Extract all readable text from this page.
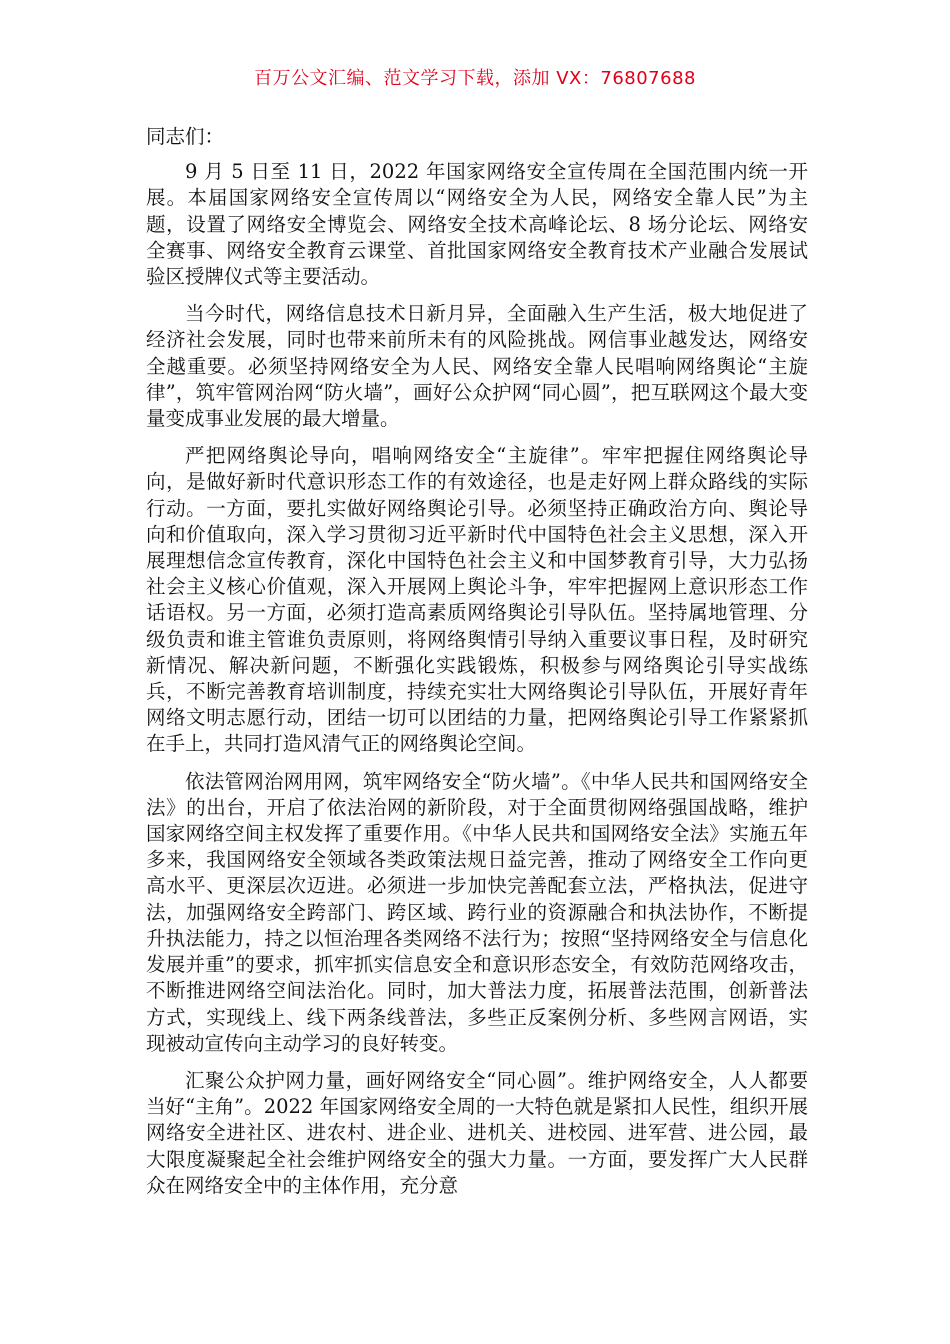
百万公文汇编、范文学习下载，添加 VX：76807688

同志们：

9 月 5 日至 11 日，2022 年国家网络安全宣传周在全国范围内统一开展。本届国家网络安全宣传周以“网络安全为人民，网络安全靠人民”为主题，设置了网络安全博览会、网络安全技术高峰论坛、8 场分论坛、网络安全赛事、网络安全教育云课堂、首批国家网络安全教育技术产业融合发展试验区授牌仪式等主要活动。

当今时代，网络信息技术日新月异，全面融入生产生活，极大地促进了经济社会发展，同时也带来前所未有的风险挑战。网信事业越发达，网络安全越重要。必须坚持网络安全为人民、网络安全靠人民唱响网络舆论“主旋律”，筑牢管网治网“防火墙”，画好公众护网“同心圆”，把互联网这个最大变量变成事业发展的最大增量。

严把网络舆论导向，唱响网络安全“主旋律”。牢牢把握住网络舆论导向，是做好新时代意识形态工作的有效途径，也是走好网上群众路线的实际行动。一方面，要扎实做好网络舆论引导。必须坚持正确政治方向、舆论导向和价值取向，深入学习贯彻习近平新时代中国特色社会主义思想，深入开展理想信念宣传教育，深化中国特色社会主义和中国梦教育引导，大力弘扬社会主义核心价值观，深入开展网上舆论斗争，牢牢把握网上意识形态工作话语权。另一方面，必须打造高素质网络舆论引导队伍。坚持属地管理、分级负责和谁主管谁负责原则，将网络舆情引导纳入重要议事日程，及时研究新情况、解决新问题，不断强化实践锻炼，积极参与网络舆论引导实战练兵，不断完善教育培训制度，持续充实壮大网络舆论引导队伍，开展好青年网络文明志愿行动，团结一切可以团结的力量，把网络舆论引导工作紧紧抓在手上，共同打造风清气正的网络舆论空间。

依法管网治网用网，筑牢网络安全“防火墙”。《中华人民共和国网络安全法》的出台，开启了依法治网的新阶段，对于全面贯彻网络强国战略，维护国家网络空间主权发挥了重要作用。《中华人民共和国网络安全法》实施五年多来，我国网络安全领域各类政策法规日益完善，推动了网络安全工作向更高水平、更深层次迈进。必须进一步加快完善配套立法，严格执法，促进守法，加强网络安全跨部门、跨区域、跨行业的资源融合和执法协作，不断提升执法能力，持之以恒治理各类网络不法行为；按照“坚持网络安全与信息化发展并重”的要求，抓牢抓实信息安全和意识形态安全，有效防范网络攻击，不断推进网络空间法治化。同时，加大普法力度，拓展普法范围，创新普法方式，实现线上、线下两条线普法，多些正反案例分析、多些网言网语，实现被动宣传向主动学习的良好转变。

汇聚公众护网力量，画好网络安全“同心圆”。维护网络安全，人人都要当好“主角”。2022 年国家网络安全周的一大特色就是紧扣人民性，组织开展网络安全进社区、进农村、进企业、进机关、进校园、进军营、进公园，最大限度凝聚起全社会维护网络安全的强大力量。一方面，要发挥广大人民群众在网络安全中的主体作用，充分意
